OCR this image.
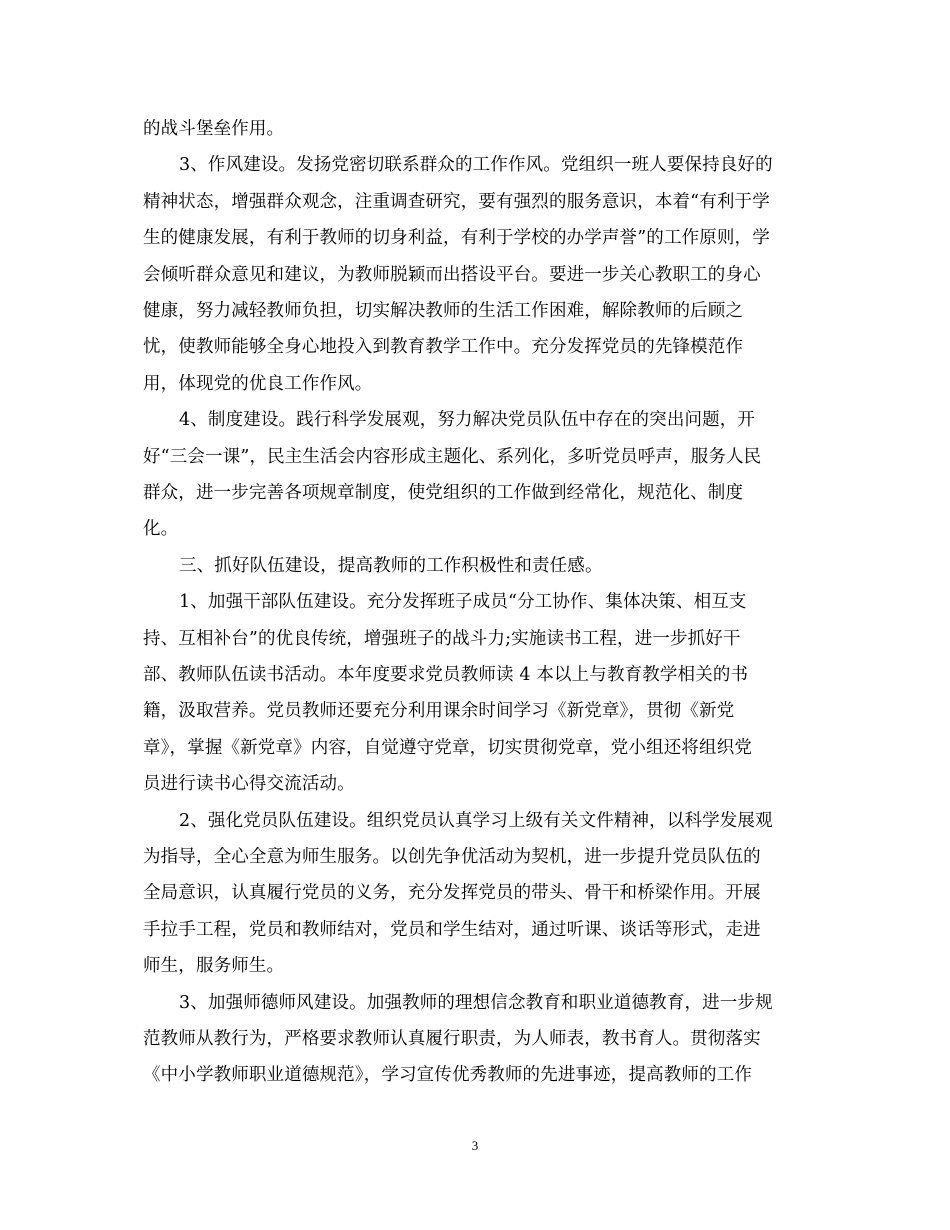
的战斗堡垒作用。
3、作风建设。发扬党密切联系群众的工作作风。党组织一班人要保持良好的
精神状态，增强群众观念，注重调查研究，要有强烈的服务意识，本着“有利于学
生的健康发展，有利于教师的切身利益，有利于学校的办学声誉”的工作原则，学
会倾听群众意见和建议，为教师脱颖而出搭设平台。要进一步关心教职工的身心
健康，努力减轻教师负担，切实解决教师的生活工作困难，解除教师的后顾之
忧，使教师能够全身心地投入到教育教学工作中。充分发挥党员的先锋模范作
用，体现党的优良工作作风。
4、制度建设。践行科学发展观，努力解决党员队伍中存在的突出问题，开
好“三会一课”，民主生活会内容形成主题化、系列化，多听党员呼声，服务人民
群众，进一步完善各项规章制度，使党组织的工作做到经常化，规范化、制度
化。
三、抓好队伍建设，提高教师的工作积极性和责任感。
1、加强干部队伍建设。充分发挥班子成员“分工协作、集体决策、相互支
持、互相补台”的优良传统，增强班子的战斗力;实施读书工程，进一步抓好干
部、教师队伍读书活动。本年度要求党员教师读 4 本以上与教育教学相关的书
籍，汲取营养。党员教师还要充分利用课余时间学习《新党章》，贯彻《新党
章》，掌握《新党章》内容，自觉遵守党章，切实贯彻党章，党小组还将组织党
员进行读书心得交流活动。
2、强化党员队伍建设。组织党员认真学习上级有关文件精神，以科学发展观
为指导，全心全意为师生服务。以创先争优活动为契机，进一步提升党员队伍的
全局意识，认真履行党员的义务，充分发挥党员的带头、骨干和桥梁作用。开展
手拉手工程，党员和教师结对，党员和学生结对，通过听课、谈话等形式，走进
师生，服务师生。
3、加强师德师风建设。加强教师的理想信念教育和职业道德教育，进一步规
范教师从教行为，严格要求教师认真履行职责，为人师表，教书育人。贯彻落实
《中小学教师职业道德规范》，学习宣传优秀教师的先进事迹，提高教师的工作
3
